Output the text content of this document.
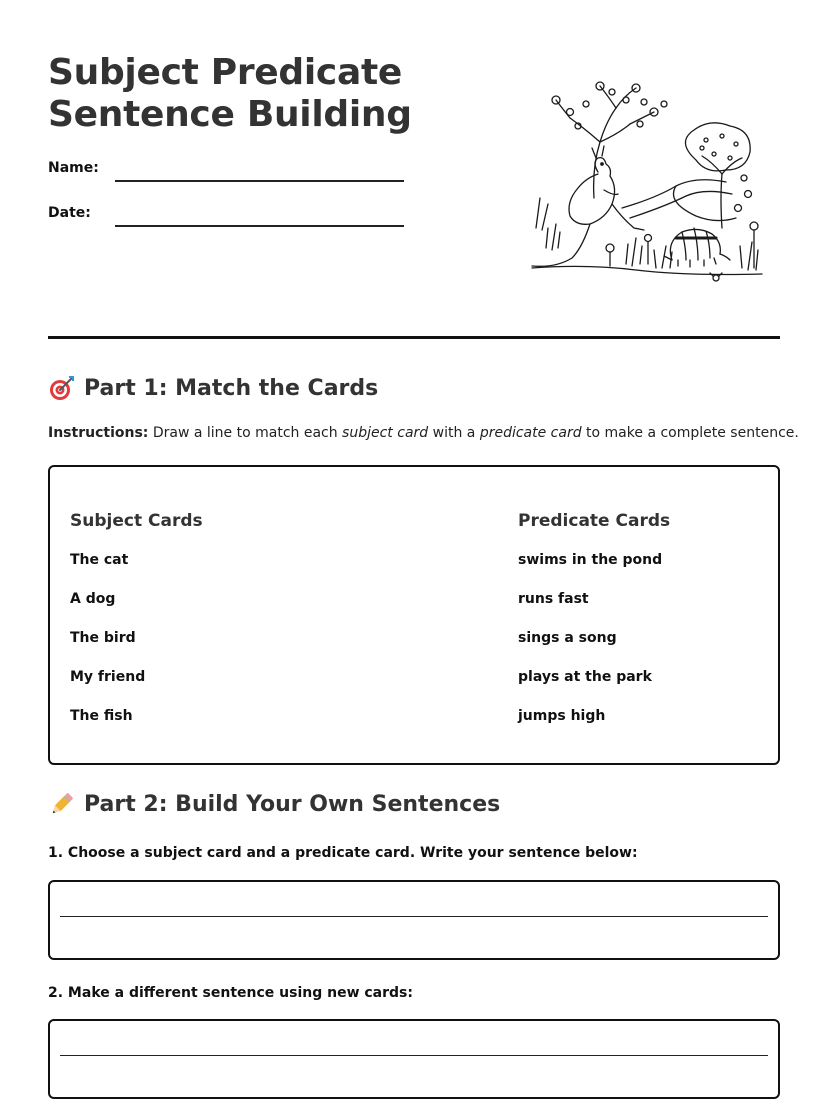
Subject Predicate
Sentence Building
Name:
Date:
Part 1: Match the Cards
Instructions: Draw a line to match each subject card with a predicate card to make a complete sentence.
Subject Cards
The cat
A dog
The bird
My friend
The fish
Predicate Cards
swims in the pond
runs fast
sings a song
plays at the park
jumps high
Part 2: Build Your Own Sentences
1. Choose a subject card and a predicate card. Write your sentence below:
2. Make a different sentence using new cards:
